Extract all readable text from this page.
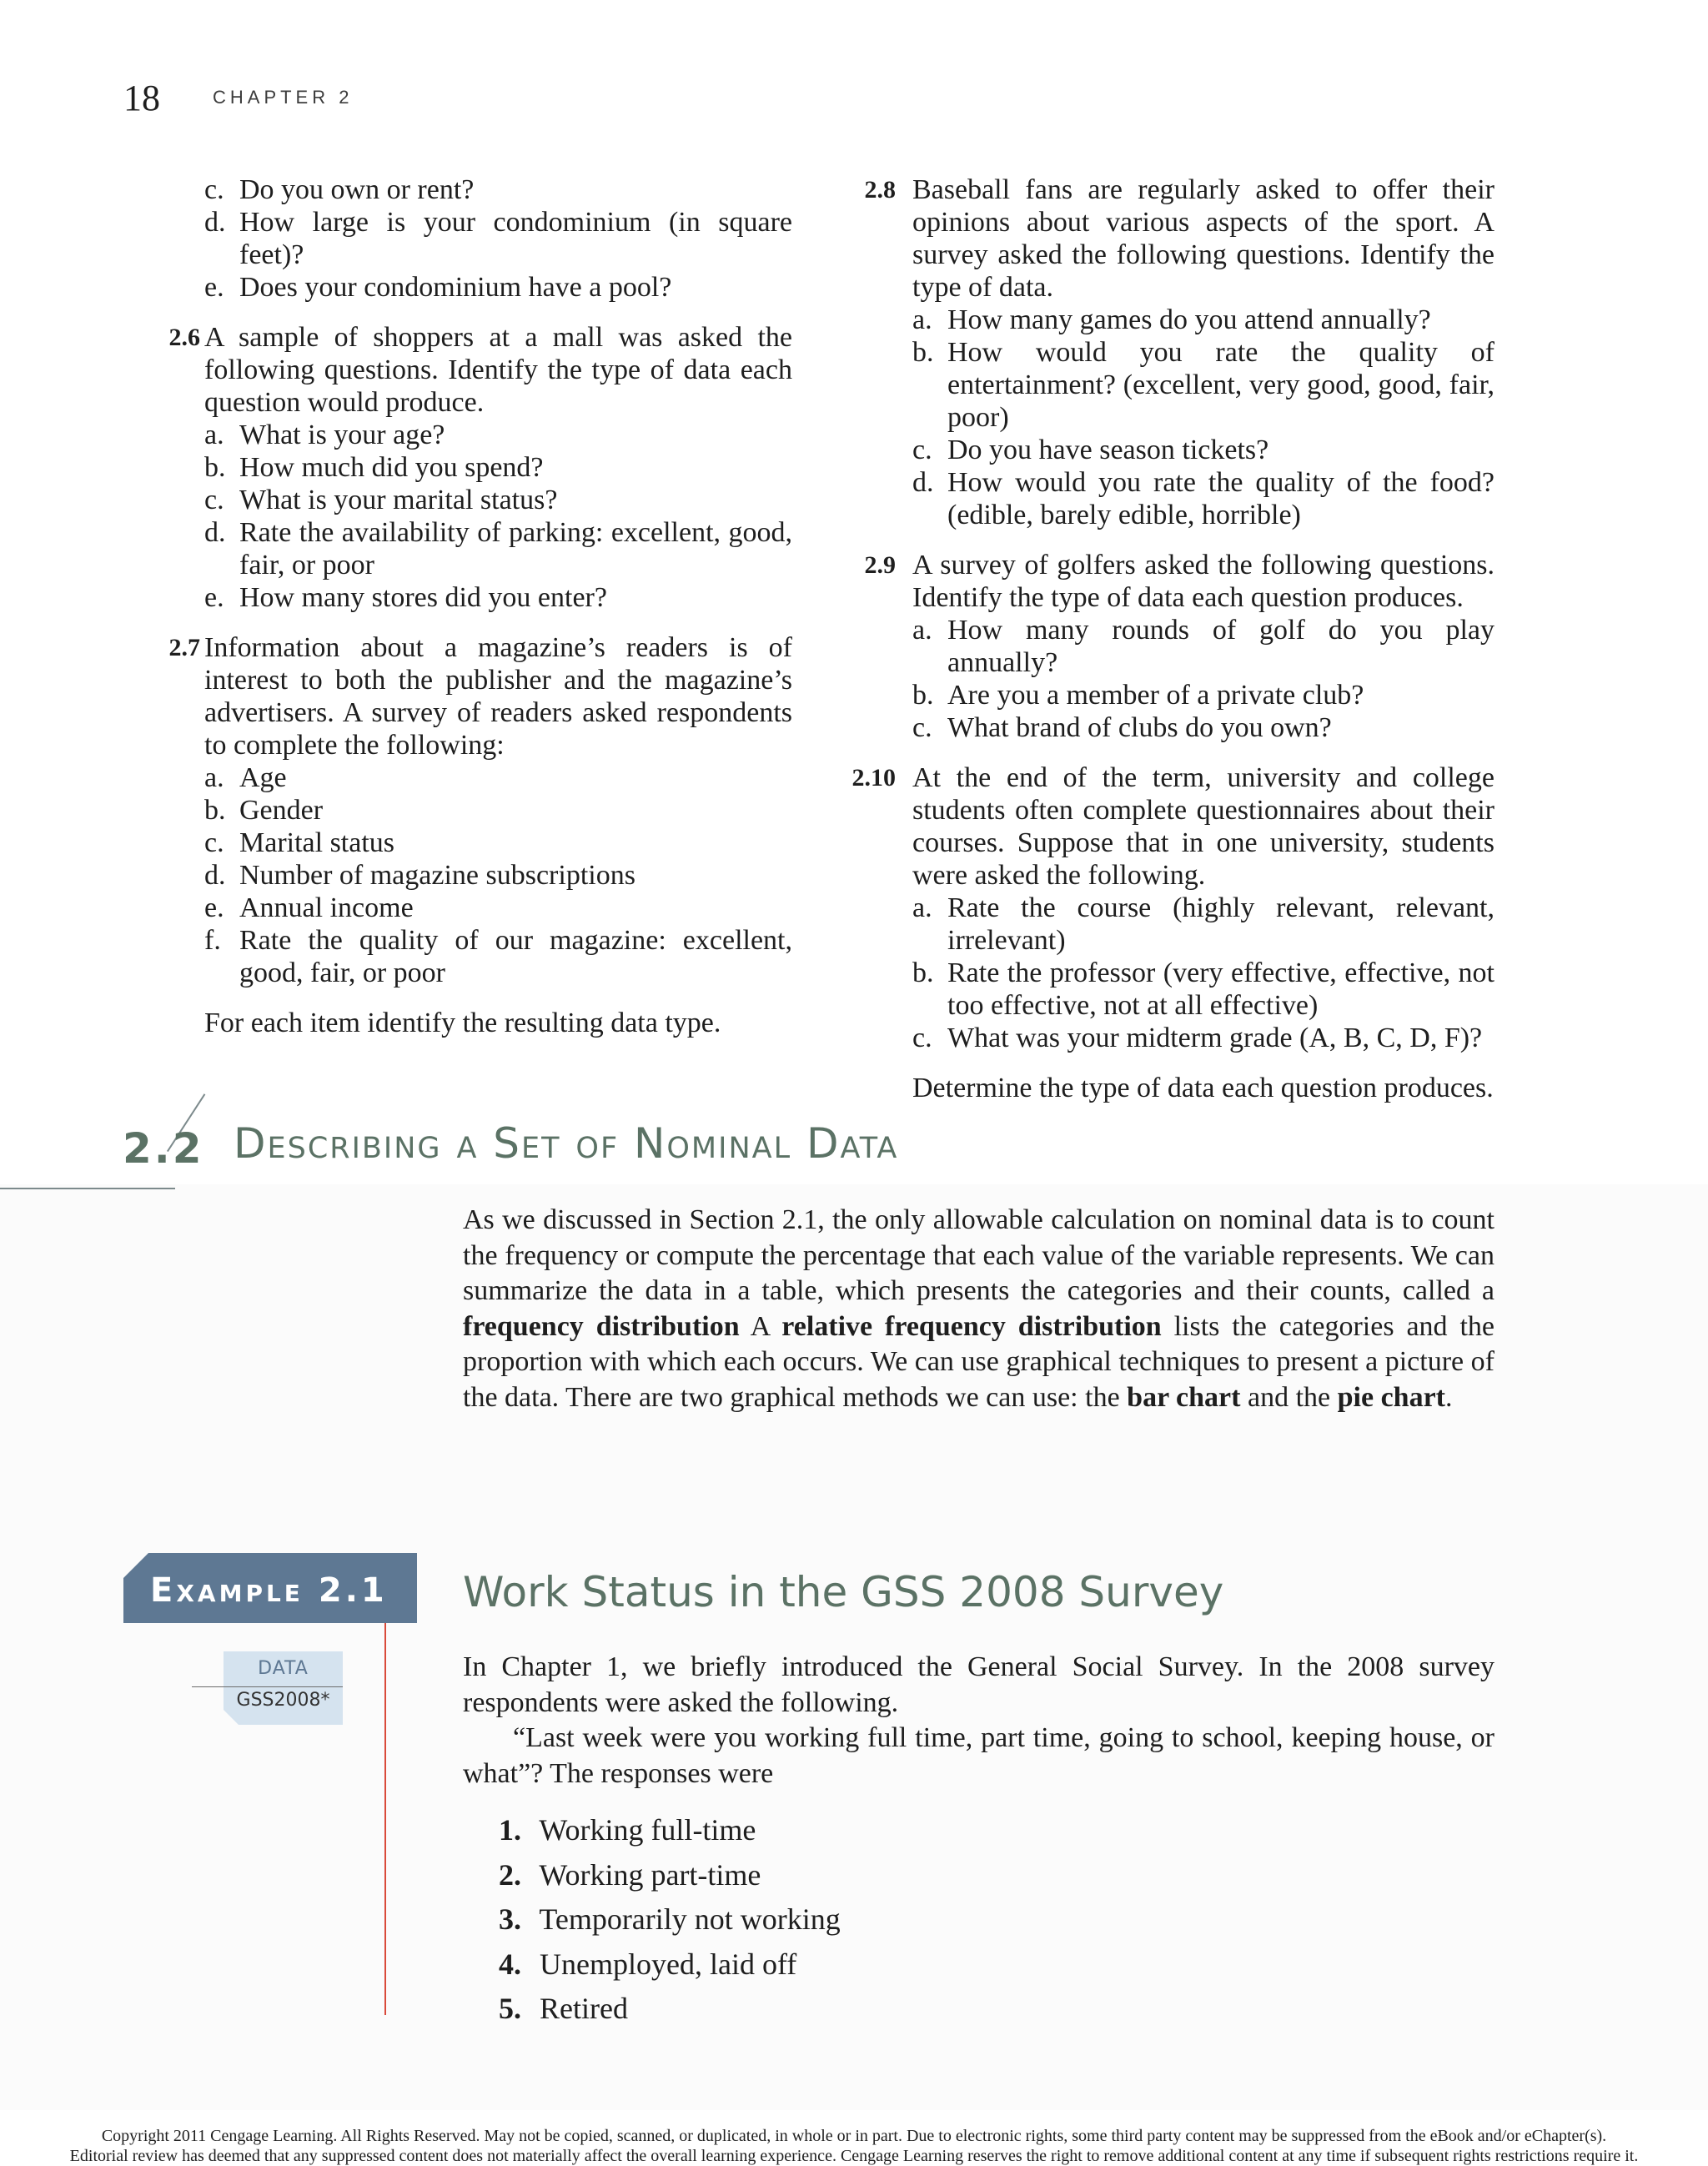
18	CHAPTER 2
c. Do you own or rent?
d. How large is your condominium (in square feet)?
e. Does your condominium have a pool?
2.6 A sample of shoppers at a mall was asked the following questions. Identify the type of data each question would produce.

a. What is your age?
b. How much did you spend?
c. What is your marital status?
d. Rate the availability of parking: excellent, good, fair, or poor
e. How many stores did you enter?
2.7 Information about a magazine’s readers is of interest to both the publisher and the magazine’s advertisers. A survey of readers asked respondents to complete the following:

a. Age
b. Gender
c. Marital status
d. Number of magazine subscriptions
e. Annual income
f. Rate the quality of our magazine: excellent, good, fair, or poor

For each item identify the resulting data type.

2.8 Baseball fans are regularly asked to offer their opinions about various aspects of the sport. A survey asked the following questions. Identify the type of data.

a. How many games do you attend annually?
b. How would you rate the quality of entertainment? (excellent, very good, good, fair, poor)
c. Do you have season tickets?
d. How would you rate the quality of the food? (edible, barely edible, horrible)
2.9 A survey of golfers asked the following questions. Identify the type of data each question produces.

a. How many rounds of golf do you play annually?
b. Are you a member of a private club?
c. What brand of clubs do you own?
2.10 At the end of the term, university and college students often complete questionnaires about their courses. Suppose that in one university, students were asked the following.

a. Rate the course (highly relevant, relevant, irrelevant)
b. Rate the professor (very effective, effective, not too effective, not at all effective)
c. What was your midterm grade (A, B, C, D, F)?

Determine the type of data each question produces.

2.2 Describing a Set of Nominal Data

As we discussed in Section 2.1, the only allowable calculation on nominal data is to count the frequency or compute the percentage that each value of the variable represents. We can summarize the data in a table, which presents the categories and their counts, called a frequency distribution A relative frequency distribution lists the categories and the proportion with which each occurs. We can use graphical techniques to present a picture of the data. There are two graphical methods we can use: the bar chart and the pie chart.

Example 2.1 Work Status in the GSS 2008 Survey
DATA
GSS2008*

In Chapter 1, we briefly introduced the General Social Survey. In the 2008 survey respondents were asked the following.

“Last week were you working full time, part time, going to school, keeping house, or what”? The responses were

1. Working full-time
2. Working part-time
3. Temporarily not working
4. Unemployed, laid off
5. Retired
Copyright 2011 Cengage Learning. All Rights Reserved. May not be copied, scanned, or duplicated, in whole or in part. Due to electronic rights, some third party content may be suppressed from the eBook and/or eChapter(s).
Editorial review has deemed that any suppressed content does not materially affect the overall learning experience. Cengage Learning reserves the right to remove additional content at any time if subsequent rights restrictions require it.
